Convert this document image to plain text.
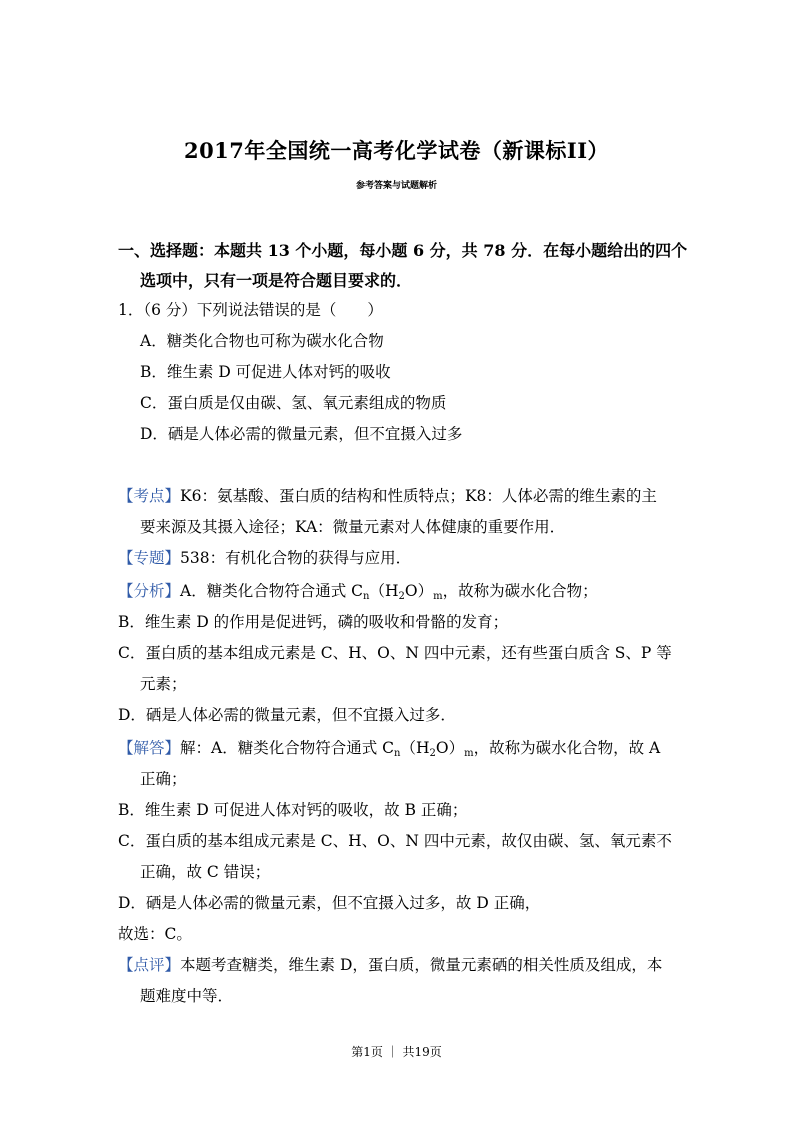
2017年全国统一高考化学试卷（新课标II）
参考答案与试题解析
一、选择题：本题共 13 个小题，每小题 6 分，共 78 分．在每小题给出的四个
选项中，只有一项是符合题目要求的．
1．（6 分）下列说法错误的是（　　）
A．糖类化合物也可称为碳水化合物
B．维生素 D 可促进人体对钙的吸收
C．蛋白质是仅由碳、氢、氧元素组成的物质
D．硒是人体必需的微量元素，但不宜摄入过多
【考点】K6：氨基酸、蛋白质的结构和性质特点；K8：人体必需的维生素的主
要来源及其摄入途径；KA：微量元素对人体健康的重要作用．
【专题】538：有机化合物的获得与应用．
【分析】A．糖类化合物符合通式 $C_n(H_2O)_m$，故称为碳水化合物；
B．维生素 D 的作用是促进钙，磷的吸收和骨骼的发育；
C．蛋白质的基本组成元素是 C、H、O、N 四中元素，还有些蛋白质含 S、P 等
元素；
D．硒是人体必需的微量元素，但不宜摄入过多．
【解答】解：A．糖类化合物符合通式 $C_n(H_2O)_m$，故称为碳水化合物，故 A
正确；
B．维生素 D 可促进人体对钙的吸收，故 B 正确；
C．蛋白质的基本组成元素是 C、H、O、N 四中元素，故仅由碳、氢、氧元素不
正确，故 C 错误；
D．硒是人体必需的微量元素，但不宜摄入过多，故 D 正确，
故选：C。
【点评】本题考查糖类，维生素 D，蛋白质，微量元素硒的相关性质及组成，本
题难度中等．
第1页 ｜ 共19页
